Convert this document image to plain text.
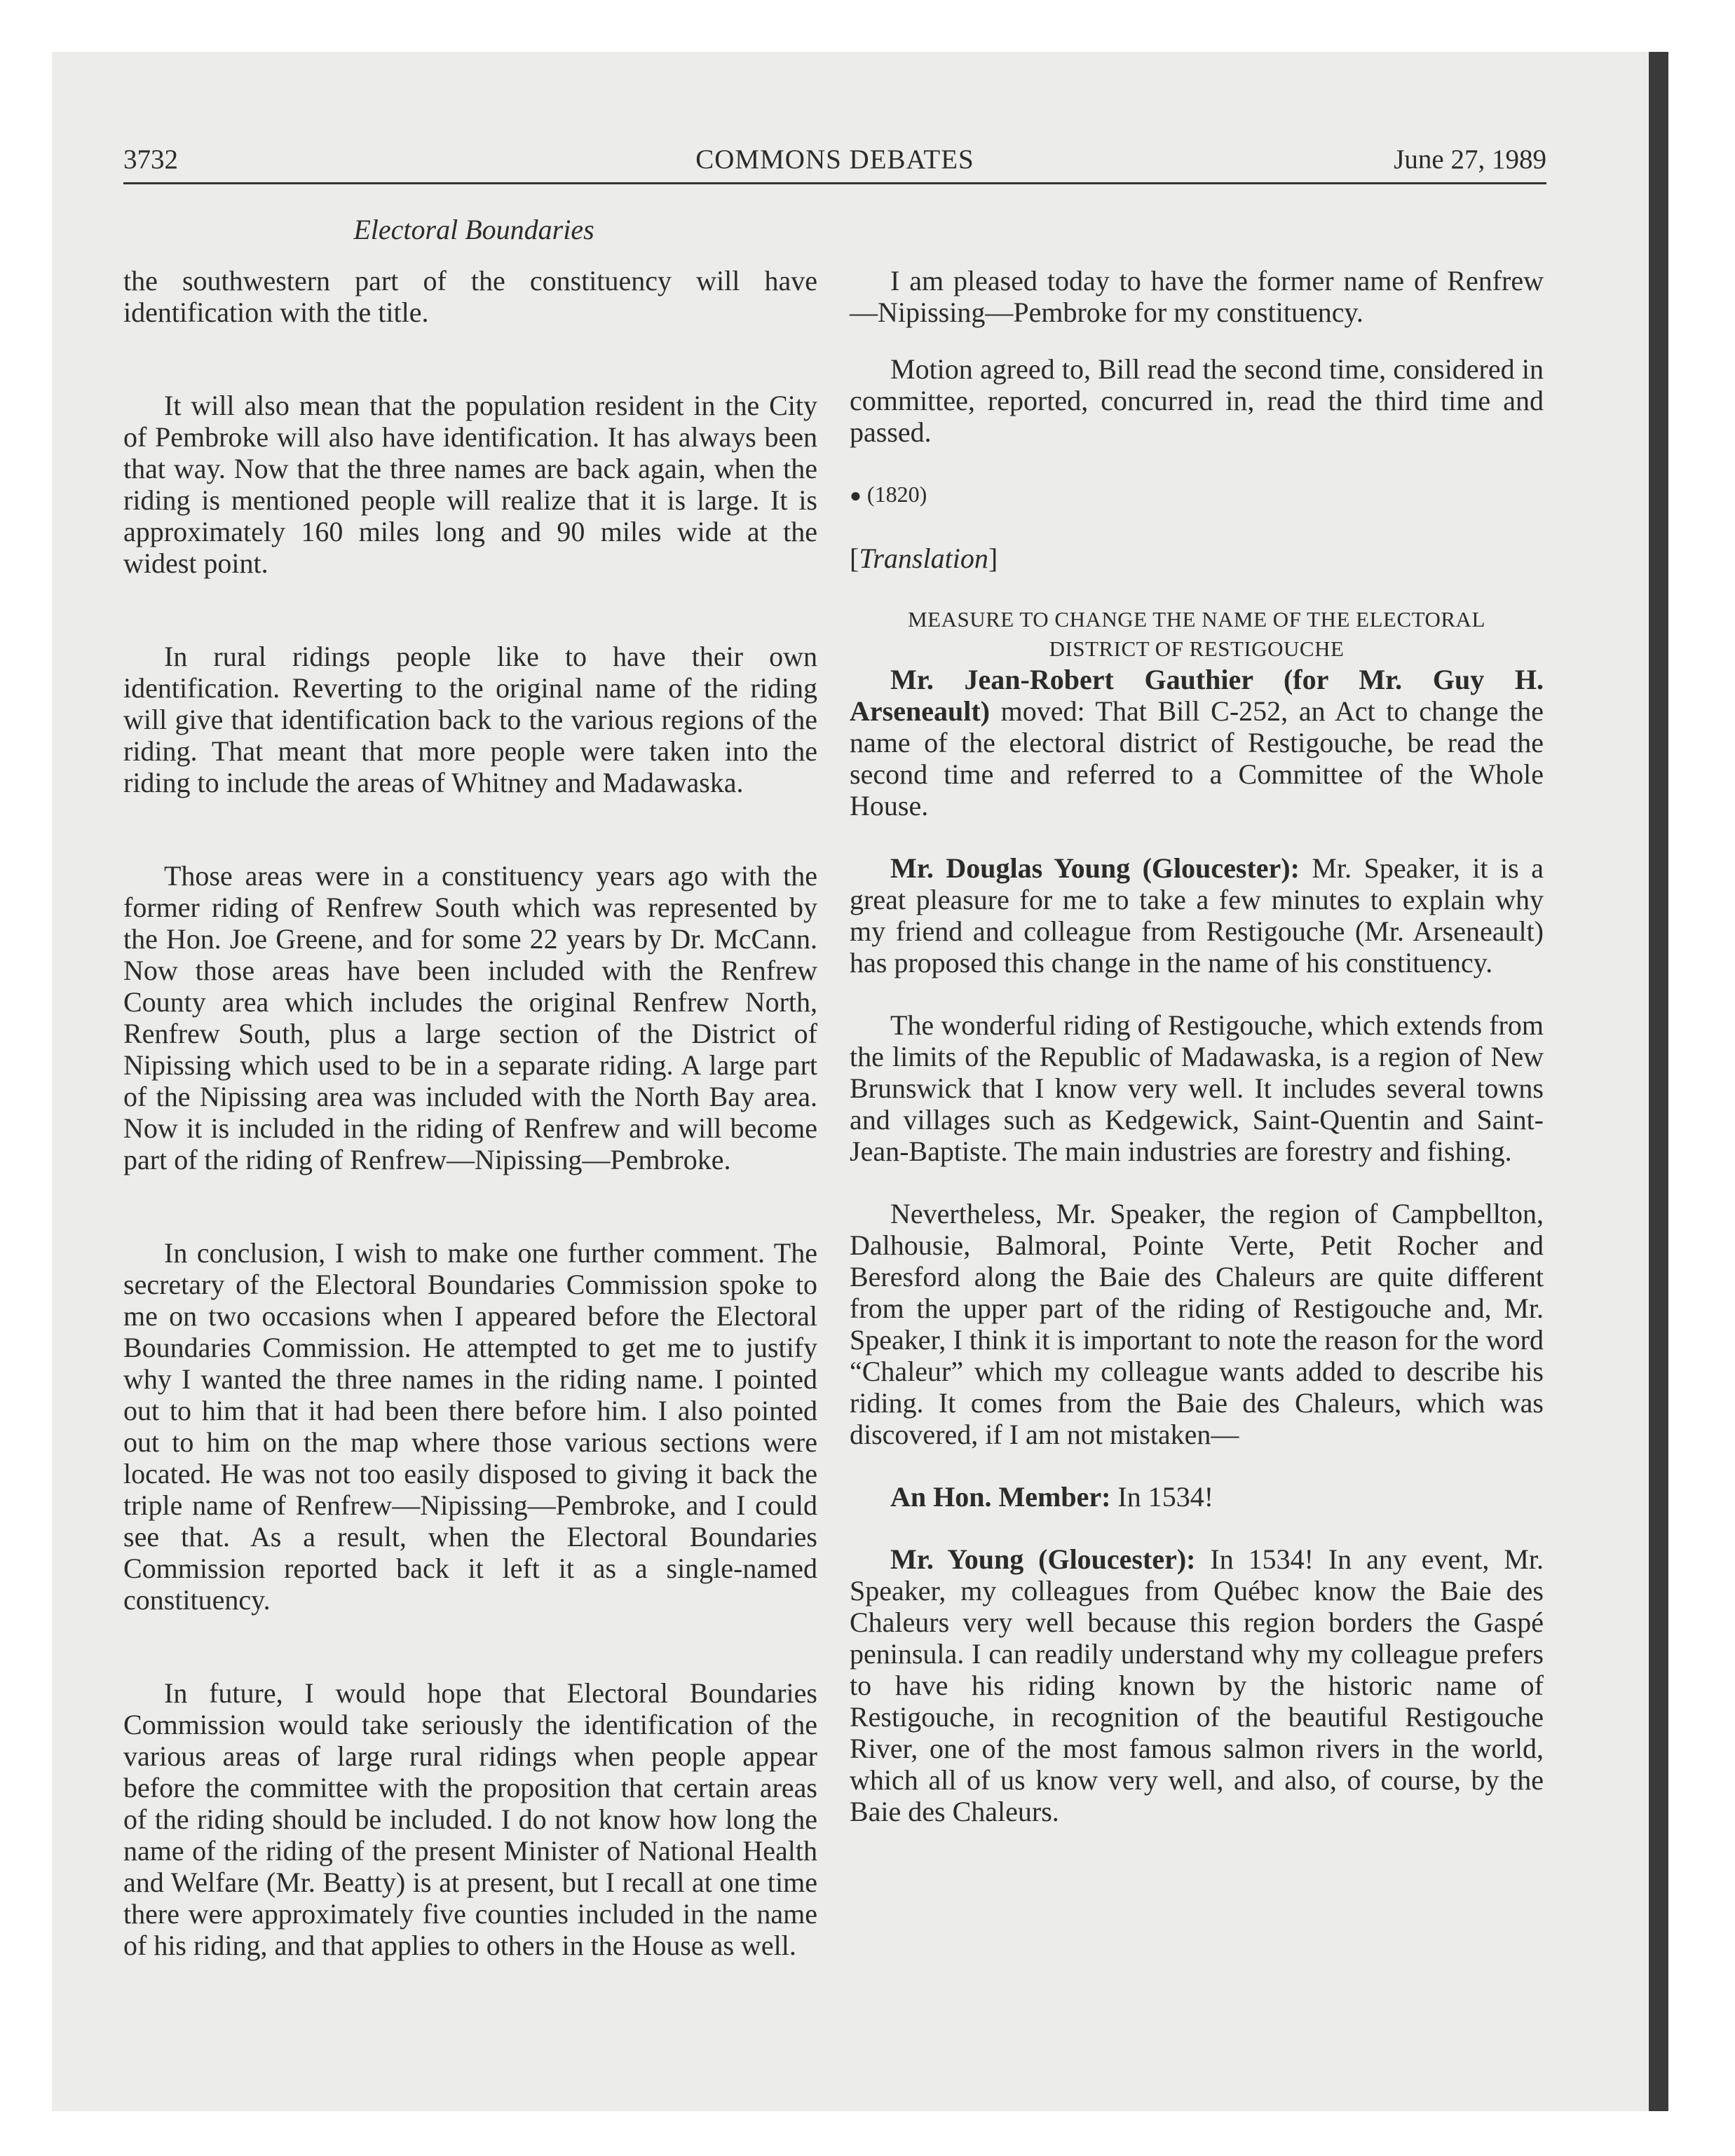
3732	COMMONS DEBATES	June 27, 1989
Electoral Boundaries

the southwestern part of the constituency will have identification with the title.

It will also mean that the population resident in the City of Pembroke will also have identification. It has always been that way. Now that the three names are back again, when the riding is mentioned people will realize that it is large. It is approximately 160 miles long and 90 miles wide at the widest point.

In rural ridings people like to have their own identification. Reverting to the original name of the riding will give that identification back to the various regions of the riding. That meant that more people were taken into the riding to include the areas of Whitney and Madawaska.

Those areas were in a constituency years ago with the former riding of Renfrew South which was represented by the Hon. Joe Greene, and for some 22 years by Dr. McCann. Now those areas have been included with the Renfrew County area which includes the original Renfrew North, Renfrew South, plus a large section of the District of Nipissing which used to be in a separate riding. A large part of the Nipissing area was included with the North Bay area. Now it is included in the riding of Renfrew and will become part of the riding of Renfrew—Nipissing—Pembroke.

In conclusion, I wish to make one further comment. The secretary of the Electoral Boundaries Commission spoke to me on two occasions when I appeared before the Electoral Boundaries Commission. He attempted to get me to justify why I wanted the three names in the riding name. I pointed out to him that it had been there before him. I also pointed out to him on the map where those various sections were located. He was not too easily disposed to giving it back the triple name of Renfrew—Nipissing—Pembroke, and I could see that. As a result, when the Electoral Boundaries Commission reported back it left it as a single-named constituency.

In future, I would hope that Electoral Boundaries Commission would take seriously the identification of the various areas of large rural ridings when people appear before the committee with the proposition that certain areas of the riding should be included. I do not know how long the name of the riding of the present Minister of National Health and Welfare (Mr. Beatty) is at present, but I recall at one time there were approximately five counties included in the name of his riding, and that applies to others in the House as well.

I am pleased today to have the former name of Renfrew—Nipissing—Pembroke for my constituency.

Motion agreed to, Bill read the second time, considered in committee, reported, concurred in, read the third time and passed.

● (1820)
[Translation]
MEASURE TO CHANGE THE NAME OF THE ELECTORAL DISTRICT OF RESTIGOUCHE

Mr. Jean-Robert Gauthier (for Mr. Guy H. Arseneault) moved: That Bill C-252, an Act to change the name of the electoral district of Restigouche, be read the second time and referred to a Committee of the Whole House.

Mr. Douglas Young (Gloucester): Mr. Speaker, it is a great pleasure for me to take a few minutes to explain why my friend and colleague from Restigouche (Mr. Arseneault) has proposed this change in the name of his constituency.

The wonderful riding of Restigouche, which extends from the limits of the Republic of Madawaska, is a region of New Brunswick that I know very well. It includes several towns and villages such as Kedgewick, Saint-Quentin and Saint-Jean-Baptiste. The main industries are forestry and fishing.

Nevertheless, Mr. Speaker, the region of Campbellton, Dalhousie, Balmoral, Pointe Verte, Petit Rocher and Beresford along the Baie des Chaleurs are quite different from the upper part of the riding of Restigouche and, Mr. Speaker, I think it is important to note the reason for the word “Chaleur” which my colleague wants added to describe his riding. It comes from the Baie des Chaleurs, which was discovered, if I am not mistaken—

An Hon. Member: In 1534!

Mr. Young (Gloucester): In 1534! In any event, Mr. Speaker, my colleagues from Québec know the Baie des Chaleurs very well because this region borders the Gaspé peninsula. I can readily understand why my colleague prefers to have his riding known by the historic name of Restigouche, in recognition of the beautiful Restigouche River, one of the most famous salmon rivers in the world, which all of us know very well, and also, of course, by the Baie des Chaleurs.
